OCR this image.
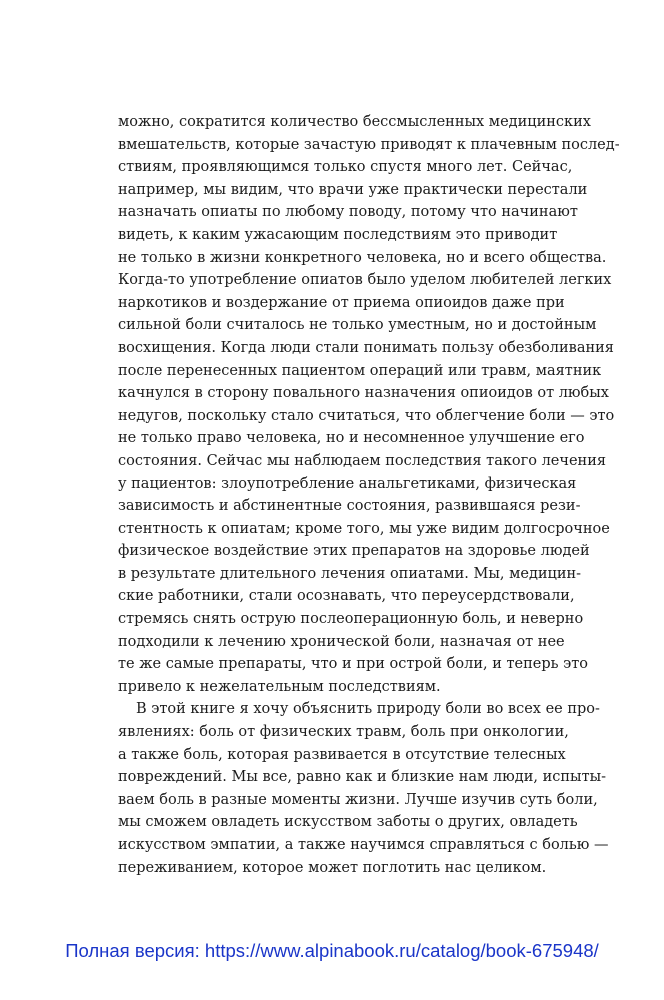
можно, сократится количество бессмысленных медицинских
вмешательств, которые зачастую приводят к плачевным послед-
ствиям, проявляющимся только спустя много лет. Сейчас,
например, мы видим, что врачи уже практически перестали
назначать опиаты по любому поводу, потому что начинают
видеть, к каким ужасающим последствиям это приводит
не только в жизни конкретного человека, но и всего общества.
Когда-то употребление опиатов было уделом любителей легких
наркотиков и воздержание от приема опиоидов даже при
сильной боли считалось не только уместным, но и достойным
восхищения. Когда люди стали понимать пользу обезболивания
после перенесенных пациентом операций или травм, маятник
качнулся в сторону повального назначения опиоидов от любых
недугов, поскольку стало считаться, что облегчение боли — это
не только право человека, но и несомненное улучшение его
состояния. Сейчас мы наблюдаем последствия такого лечения
у пациентов: злоупотребление анальгетиками, физическая
зависимость и абстинентные состояния, развившаяся рези-
стентность к опиатам; кроме того, мы уже видим долгосрочное
физическое воздействие этих препаратов на здоровье людей
в результате длительного лечения опиатами. Мы, медицин-
ские работники, стали осознавать, что переусердствовали,
стремясь снять острую послеоперационную боль, и неверно
подходили к лечению хронической боли, назначая от нее
те же самые препараты, что и при острой боли, и теперь это
привело к нежелательным последствиям.
В этой книге я хочу объяснить природу боли во всех ее про-
явлениях: боль от физических травм, боль при онкологии,
а также боль, которая развивается в отсутствие телесных
повреждений. Мы все, равно как и близкие нам люди, испыты-
ваем боль в разные моменты жизни. Лучше изучив суть боли,
мы сможем овладеть искусством заботы о других, овладеть
искусством эмпатии, а также научимся справляться с болью —
переживанием, которое может поглотить нас целиком.
Полная версия: https://www.alpinabook.ru/catalog/book-675948/
